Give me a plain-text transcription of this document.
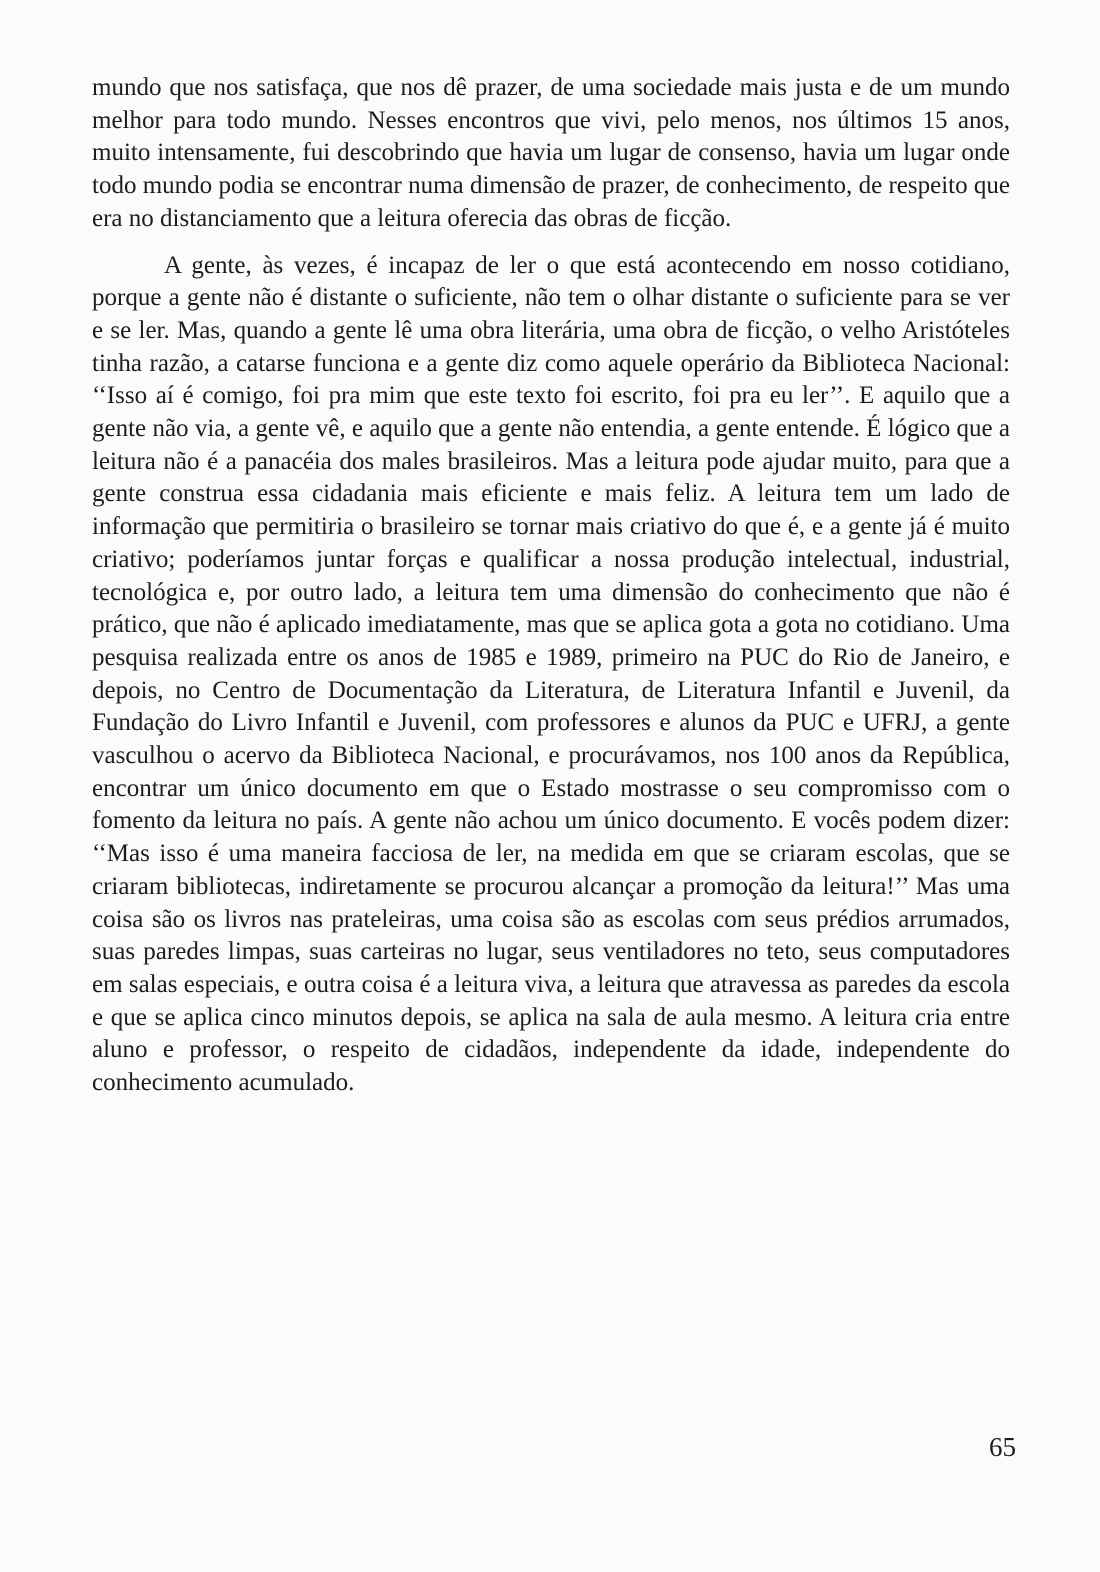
mundo que nos satisfaça, que nos dê prazer, de uma sociedade mais justa e de um mundo melhor para todo mundo. Nesses encontros que vivi, pelo menos, nos últimos 15 anos, muito intensamente, fui descobrindo que havia um lugar de consenso, havia um lugar onde todo mundo podia se encontrar numa dimensão de prazer, de conhecimento, de respeito que era no distanciamento que a leitura oferecia das obras de ficção.

A gente, às vezes, é incapaz de ler o que está acontecendo em nosso cotidiano, porque a gente não é distante o suficiente, não tem o olhar distante o suficiente para se ver e se ler. Mas, quando a gente lê uma obra literária, uma obra de ficção, o velho Aristóteles tinha razão, a catarse funciona e a gente diz como aquele operário da Biblioteca Nacional: ‘‘Isso aí é comigo, foi pra mim que este texto foi escrito, foi pra eu ler’’. E aquilo que a gente não via, a gente vê, e aquilo que a gente não entendia, a gente entende. É lógico que a leitura não é a panacéia dos males brasileiros. Mas a leitura pode ajudar muito, para que a gente construa essa cidadania mais eficiente e mais feliz. A leitura tem um lado de informação que permitiria o brasileiro se tornar mais criativo do que é, e a gente já é muito criativo; poderíamos juntar forças e qualificar a nossa produção intelectual, industrial, tecnológica e, por outro lado, a leitura tem uma dimensão do conhecimento que não é prático, que não é aplicado imediatamente, mas que se aplica gota a gota no cotidiano. Uma pesquisa realizada entre os anos de 1985 e 1989, primeiro na PUC do Rio de Janeiro, e depois, no Centro de Documentação da Literatura, de Literatura Infantil e Juvenil, da Fundação do Livro Infantil e Juvenil, com professores e alunos da PUC e UFRJ, a gente vasculhou o acervo da Biblioteca Nacional, e procurávamos, nos 100 anos da República, encontrar um único documento em que o Estado mostrasse o seu compromisso com o fomento da leitura no país. A gente não achou um único documento. E vocês podem dizer: ‘‘Mas isso é uma maneira facciosa de ler, na medida em que se criaram escolas, que se criaram bibliotecas, indiretamente se procurou alcançar a promoção da leitura!’’ Mas uma coisa são os livros nas prateleiras, uma coisa são as escolas com seus prédios arrumados, suas paredes limpas, suas carteiras no lugar, seus ventiladores no teto, seus computadores em salas especiais, e outra coisa é a leitura viva, a leitura que atravessa as paredes da escola e que se aplica cinco minutos depois, se aplica na sala de aula mesmo. A leitura cria entre aluno e professor, o respeito de cidadãos, independente da idade, independente do conhecimento acumulado.

65
